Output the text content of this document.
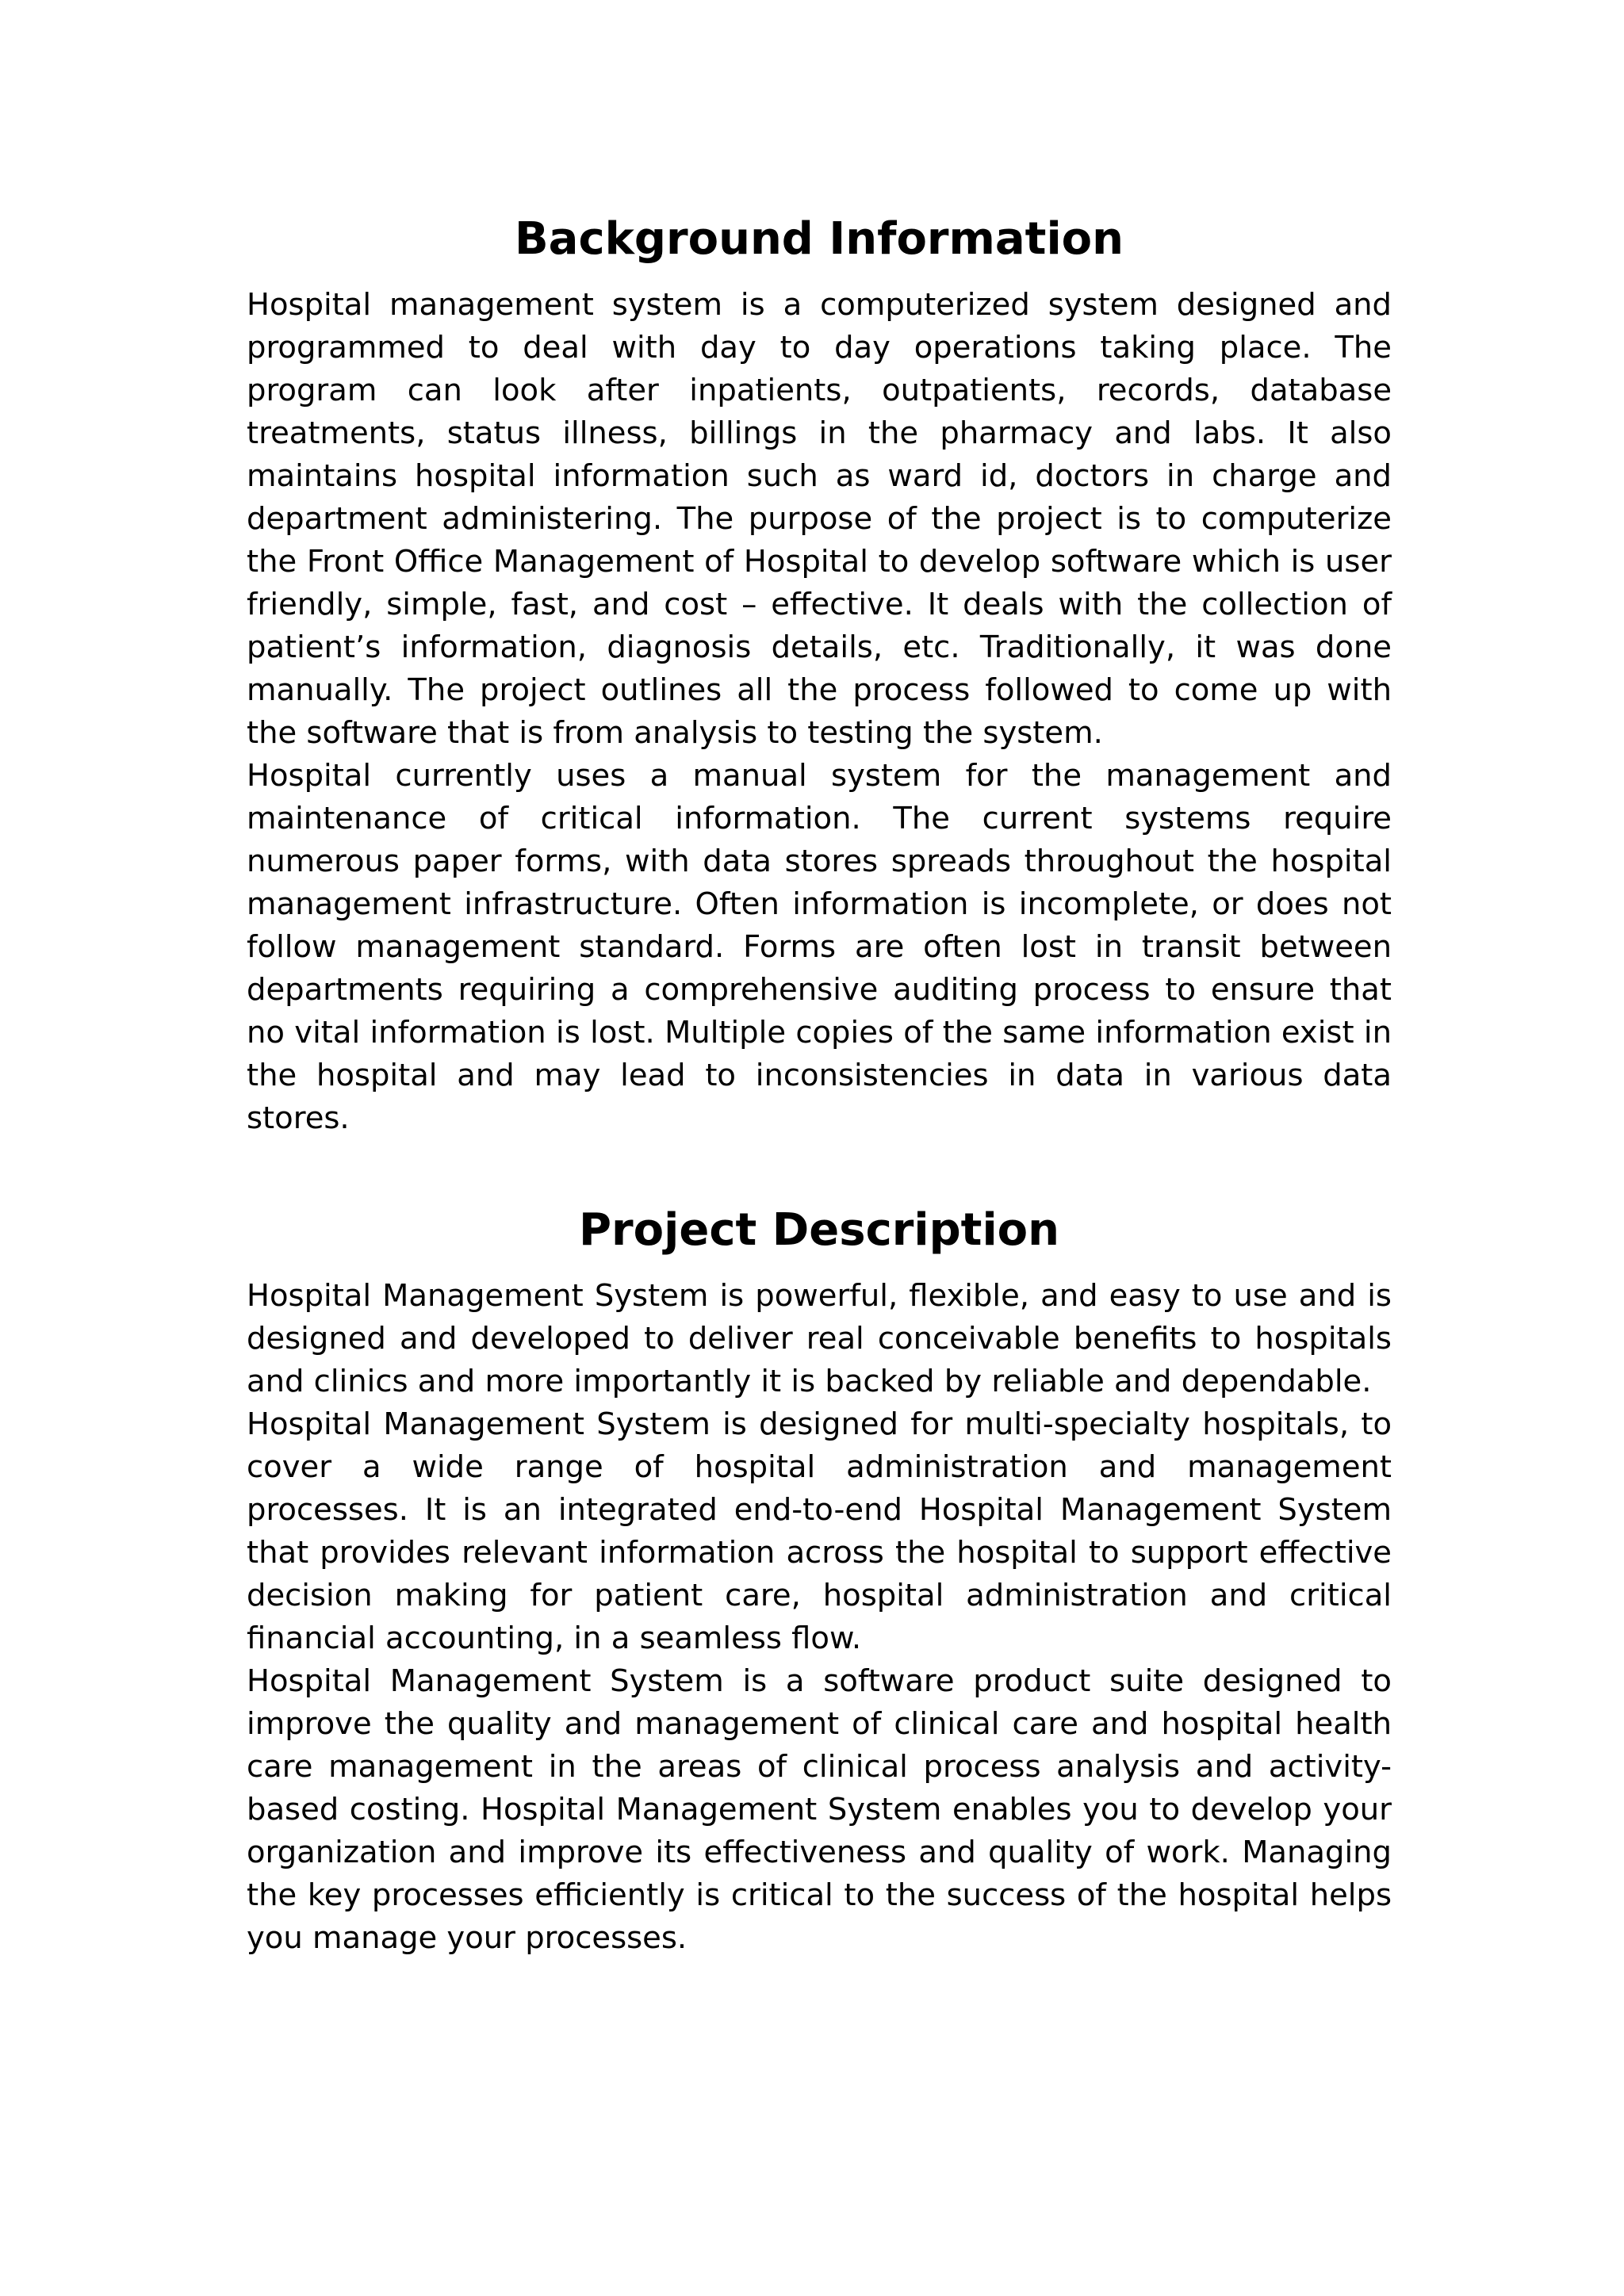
Background Information

Hospital management system is a computerized system designed and programmed to deal with day to day operations taking place. The program can look after inpatients, outpatients, records, database treatments, status illness, billings in the pharmacy and labs. It also maintains hospital information such as ward id, doctors in charge and department administering. The purpose of the project is to computerize the Front Office Management of Hospital to develop software which is user friendly, simple, fast, and cost – effective. It deals with the collection of patient’s information, diagnosis details, etc. Traditionally, it was done manually. The project outlines all the process followed to come up with the software that is from analysis to testing the system.

Hospital currently uses a manual system for the management and maintenance of critical information. The current systems require numerous paper forms, with data stores spreads throughout the hospital management infrastructure. Often information is incomplete, or does not follow management standard. Forms are often lost in transit between departments requiring a comprehensive auditing process to ensure that no vital information is lost. Multiple copies of the same information exist in the hospital and may lead to inconsistencies in data in various data stores.

Project Description

Hospital Management System is powerful, flexible, and easy to use and is designed and developed to deliver real conceivable benefits to hospitals and clinics and more importantly it is backed by reliable and dependable.

Hospital Management System is designed for multi-specialty hospitals, to cover a wide range of hospital administration and management processes. It is an integrated end-to-end Hospital Management System that provides relevant information across the hospital to support effective decision making for patient care, hospital administration and critical financial accounting, in a seamless flow.

Hospital Management System is a software product suite designed to improve the quality and management of clinical care and hospital health care management in the areas of clinical process analysis and activity-based costing. Hospital Management System enables you to develop your organization and improve its effectiveness and quality of work. Managing the key processes efficiently is critical to the success of the hospital helps you manage your processes.
